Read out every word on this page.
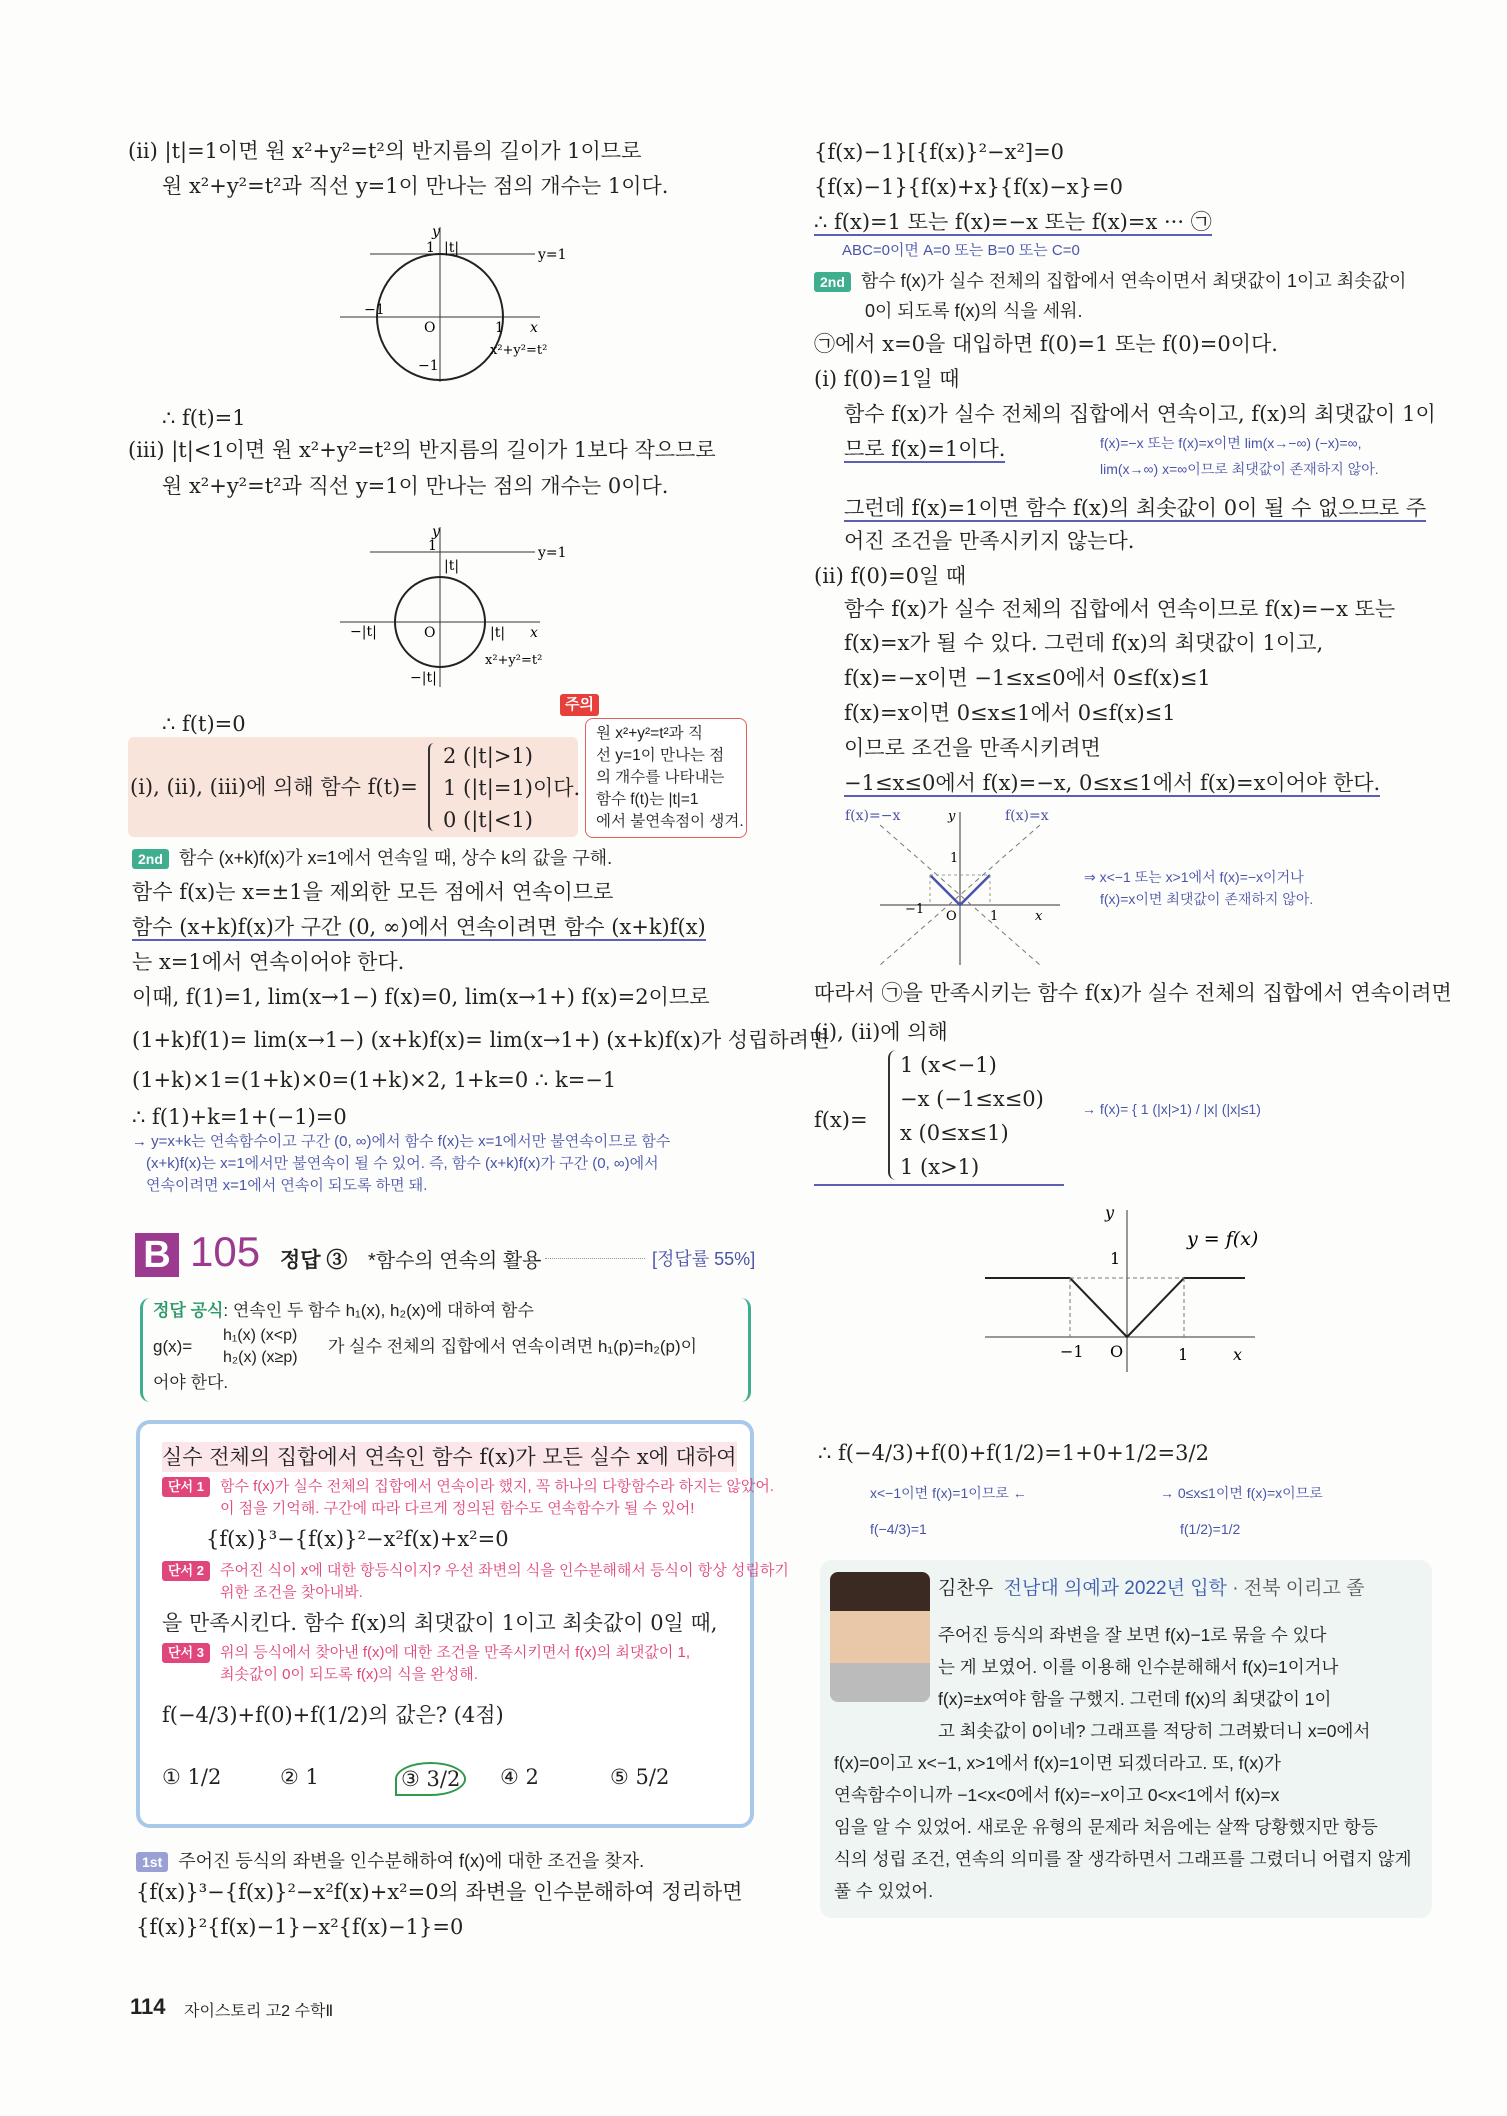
(ii) |t|=1이면 원 x²+y²=t²의 반지름의 길이가 1이므로
원 x²+y²=t²과 직선 y=1이 만나는 점의 개수는 1이다.
y
1 |t|	y=1
−1
O	1 x
−1
x²+y²=t²
∴ f(t)=1
(iii) |t|<1이면 원 x²+y²=t²의 반지름의 길이가 1보다 작으므로
원 x²+y²=t²과 직선 y=1이 만나는 점의 개수는 0이다.
y
1
|t|
y=1
−|t|	O	|t| x
−|t|
x²+y²=t²
∴ f(t)=0
(i), (ii), (iii)에 의해 함수 f(t)=
2 (|t|>1)
1 (|t|=1)이다.
0 (|t|<1)
원 x²+y²=t²과 직
선 y=1이 만나는 점
의 개수를 나타내는
함수 f(t)는 |t|=1
에서 불연속점이 생겨.
주의
2nd 함수 (x+k)f(x)가 x=1에서 연속일 때, 상수 k의 값을 구해.
함수 f(x)는 x=±1을 제외한 모든 점에서 연속이므로
함수 (x+k)f(x)가 구간 (0, ∞)에서 연속이려면 함수 (x+k)f(x)
는 x=1에서 연속이어야 한다.
이때, f(1)=1, lim(x→1−) f(x)=0, lim(x→1+) f(x)=2이므로
(1+k)f(1)= lim(x→1−) (x+k)f(x)= lim(x→1+) (x+k)f(x)가 성립하려면
(1+k)×1=(1+k)×0=(1+k)×2, 1+k=0 ∴ k=−1
∴ f(1)+k=1+(−1)=0
→ y=x+k는 연속함수이고 구간 (0, ∞)에서 함수 f(x)는 x=1에서만 불연속이므로 함수
(x+k)f(x)는 x=1에서만 불연속이 될 수 있어. 즉, 함수 (x+k)f(x)가 구간 (0, ∞)에서
연속이려면 x=1에서 연속이 되도록 하면 돼.
B 105 정답 ③ *함수의 연속의 활용	[정답률 55%]
정답 공식: 연속인 두 함수 h₁(x), h₂(x)에 대하여 함수
g(x)=
h₁(x) (x<p)
h₂(x) (x≥p)
가 실수 전체의 집합에서 연속이려면 h₁(p)=h₂(p)이
어야 한다.
실수 전체의 집합에서 연속인 함수 f(x)가 모든 실수 x에 대하여
단서 1 함수 f(x)가 실수 전체의 집합에서 연속이라 했지, 꼭 하나의 다항함수라 하지는 않았어.
이 점을 기억해. 구간에 따라 다르게 정의된 함수도 연속함수가 될 수 있어!
{f(x)}³−{f(x)}²−x²f(x)+x²=0
단서 2 주어진 식이 x에 대한 항등식이지? 우선 좌변의 식을 인수분해해서 등식이 항상 성립하기
위한 조건을 찾아내봐.
을 만족시킨다. 함수 f(x)의 최댓값이 1이고 최솟값이 0일 때,
단서 3 위의 등식에서 찾아낸 f(x)에 대한 조건을 만족시키면서 f(x)의 최댓값이 1,
최솟값이 0이 되도록 f(x)의 식을 완성해.
f(−4/3)+f(0)+f(1/2)의 값은? (4점)
① 1/2	② 1	③ 3/2 ④ 2	⑤ 5/2
1st 주어진 등식의 좌변을 인수분해하여 f(x)에 대한 조건을 찾자.
{f(x)}³−{f(x)}²−x²f(x)+x²=0의 좌변을 인수분해하여 정리하면
{f(x)}²{f(x)−1}−x²{f(x)−1}=0
114 자이스토리 고2 수학Ⅱ
{f(x)−1}[{f(x)}²−x²]=0
{f(x)−1}{f(x)+x}{f(x)−x}=0
∴ f(x)=1 또는 f(x)=−x 또는 f(x)=x ··· ㉠
ABC=0이면 A=0 또는 B=0 또는 C=0
2nd 함수 f(x)가 실수 전체의 집합에서 연속이면서 최댓값이 1이고 최솟값이
0이 되도록 f(x)의 식을 세워.
㉠에서 x=0을 대입하면 f(0)=1 또는 f(0)=0이다.
(i) f(0)=1일 때
함수 f(x)가 실수 전체의 집합에서 연속이고, f(x)의 최댓값이 1이
므로 f(x)=1이다.	f(x)=−x 또는 f(x)=x이면 lim(x→−∞) (−x)=∞,
lim(x→∞) x=∞이므로 최댓값이 존재하지 않아.
그런데 f(x)=1이면 함수 f(x)의 최솟값이 0이 될 수 없으므로 주
어진 조건을 만족시키지 않는다.
(ii) f(0)=0일 때
함수 f(x)가 실수 전체의 집합에서 연속이므로 f(x)=−x 또는
f(x)=x가 될 수 있다. 그런데 f(x)의 최댓값이 1이고,
f(x)=−x이면 −1≤x≤0에서 0≤f(x)≤1
f(x)=x이면 0≤x≤1에서 0≤f(x)≤1
이므로 조건을 만족시키려면
−1≤x≤0에서 f(x)=−x, 0≤x≤1에서 f(x)=x이어야 한다.
f(x)=−x	y	f(x)=x
1
−1 O	1	x
⇒ x<−1 또는 x>1에서 f(x)=−x이거나
f(x)=x이면 최댓값이 존재하지 않아.
따라서 ㉠을 만족시키는 함수 f(x)가 실수 전체의 집합에서 연속이려면
(i), (ii)에 의해
f(x)=
1 (x<−1)
−x (−1≤x≤0)
x (0≤x≤1)
1 (x>1)
→ f(x)= { 1 (|x|>1) / |x| (|x|≤1)
y
y = f(x)
1
−1 O	1	x
∴ f(−4/3)+f(0)+f(1/2)=1+0+1/2=3/2
x<−1이면 f(x)=1이므로 ←
f(−4/3)=1
→ 0≤x≤1이면 f(x)=x이므로
f(1/2)=1/2
김찬우 전남대 의예과 2022년 입학 · 전북 이리고 졸
주어진 등식의 좌변을 잘 보면 f(x)−1로 묶을 수 있다
는 게 보였어. 이를 이용해 인수분해해서 f(x)=1이거나
f(x)=±x여야 함을 구했지. 그런데 f(x)의 최댓값이 1이
고 최솟값이 0이네? 그래프를 적당히 그려봤더니 x=0에서
f(x)=0이고 x<−1, x>1에서 f(x)=1이면 되겠더라고. 또, f(x)가
연속함수이니까 −1<x<0에서 f(x)=−x이고 0<x<1에서 f(x)=x
임을 알 수 있었어. 새로운 유형의 문제라 처음에는 살짝 당황했지만 항등
식의 성립 조건, 연속의 의미를 잘 생각하면서 그래프를 그렸더니 어렵지 않게
풀 수 있었어.
